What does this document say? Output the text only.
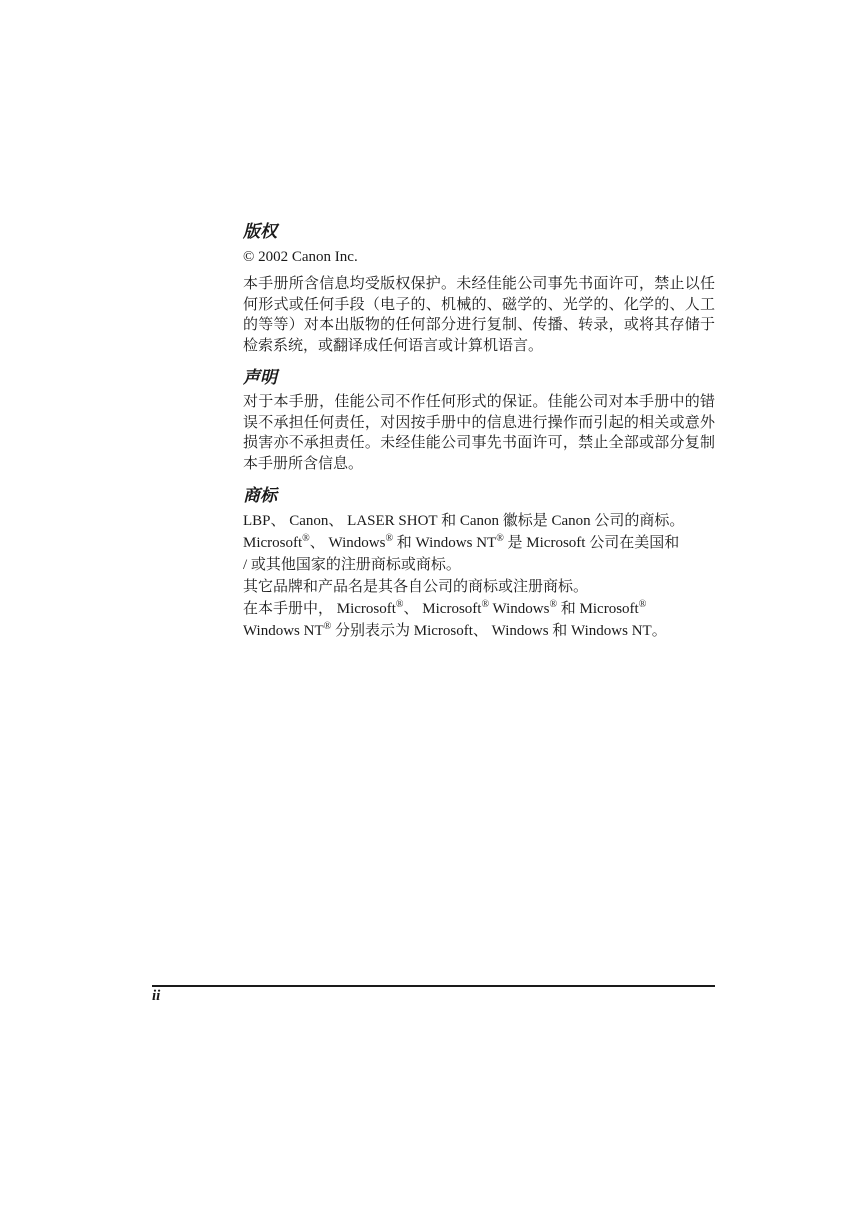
版权
© 2002 Canon Inc.

本手册所含信息均受版权保护。未经佳能公司事先书面许可，禁止以任何形式或任何手段（电子的、机械的、磁学的、光学的、化学的、人工的等等）对本出版物的任何部分进行复制、传播、转录，或将其存储于检索系统，或翻译成任何语言或计算机语言。

声明

对于本手册，佳能公司不作任何形式的保证。佳能公司对本手册中的错误不承担任何责任，对因按手册中的信息进行操作而引起的相关或意外损害亦不承担责任。未经佳能公司事先书面许可，禁止全部或部分复制本手册所含信息。

商标

LBP、 Canon、 LASER SHOT 和 Canon 徽标是 Canon 公司的商标。

Microsoft®、 Windows® 和 Windows NT® 是 Microsoft 公司在美国和

/ 或其他国家的注册商标或商标。

其它品牌和产品名是其各自公司的商标或注册商标。

在本手册中， Microsoft®、 Microsoft® Windows® 和 Microsoft®

Windows NT® 分别表示为 Microsoft、 Windows 和 Windows NT。

ii
